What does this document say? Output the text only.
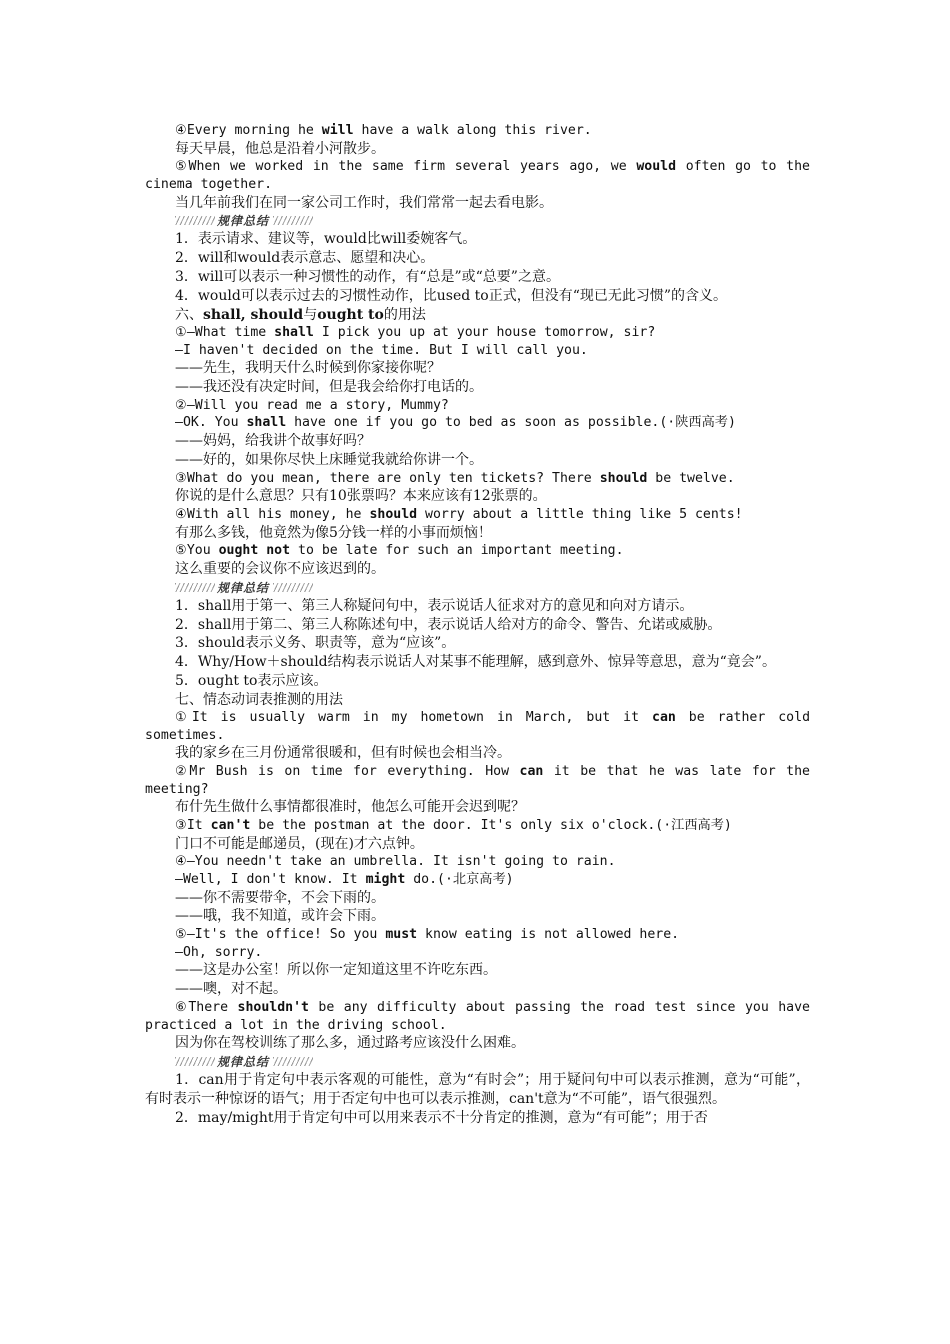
④Every morning he will have a walk along this river.

每天早晨，他总是沿着小河散步。

⑤When we worked in the same firm several years ago, we would often go to the cinema together.

当几年前我们在同一家公司工作时，我们常常一起去看电影。

规律总结

1．表示请求、建议等，would比will委婉客气。

2．will和would表示意志、愿望和决心。

3．will可以表示一种习惯性的动作，有“总是”或“总要”之意。

4．would可以表示过去的习惯性动作，比used to正式，但没有“现已无此习惯”的含义。

六、shall, should与ought to的用法

①—What time shall I pick you up at your house tomorrow, sir?

—I haven't decided on the time. But I will call you.

——先生，我明天什么时候到你家接你呢？

——我还没有决定时间，但是我会给你打电话的。

②—Will you read me a story, Mummy?

—OK. You shall have one if you go to bed as soon as possible.(·陕西高考)

——妈妈，给我讲个故事好吗？

——好的，如果你尽快上床睡觉我就给你讲一个。

③What do you mean, there are only ten tickets? There should be twelve.

你说的是什么意思？只有10张票吗？本来应该有12张票的。

④With all his money, he should worry about a little thing like 5 cents!

有那么多钱，他竟然为像5分钱一样的小事而烦恼！

⑤You ought not to be late for such an important meeting.

这么重要的会议你不应该迟到的。

规律总结

1．shall用于第一、第三人称疑问句中，表示说话人征求对方的意见和向对方请示。

2．shall用于第二、第三人称陈述句中，表示说话人给对方的命令、警告、允诺或威胁。

3．should表示义务、职责等，意为“应该”。

4．Why/How＋should结构表示说话人对某事不能理解，感到意外、惊异等意思，意为“竟会”。

5．ought to表示应该。

七、情态动词表推测的用法

①It is usually warm in my hometown in March, but it can be rather cold sometimes.

我的家乡在三月份通常很暖和，但有时候也会相当冷。

②Mr Bush is on time for everything. How can it be that he was late for the meeting?

布什先生做什么事情都很准时，他怎么可能开会迟到呢？

③It can't be the postman at the door. It's only six o'clock.(·江西高考)

门口不可能是邮递员，(现在)才六点钟。

④—You needn't take an umbrella. It isn't going to rain.

—Well, I don't know. It might do.(·北京高考)

——你不需要带伞，不会下雨的。

——哦，我不知道，或许会下雨。

⑤—It's the office! So you must know eating is not allowed here.

—Oh, sorry.

——这是办公室！所以你一定知道这里不许吃东西。

——噢，对不起。

⑥There shouldn't be any difficulty about passing the road test since you have practiced a lot in the driving school.

因为你在驾校训练了那么多，通过路考应该没什么困难。

规律总结

1．can用于肯定句中表示客观的可能性，意为“有时会”；用于疑问句中可以表示推测，意为“可能”，有时表示一种惊讶的语气；用于否定句中也可以表示推测，can't意为“不可能”，语气很强烈。

2．may/might用于肯定句中可以用来表示不十分肯定的推测，意为“有可能”；用于否
